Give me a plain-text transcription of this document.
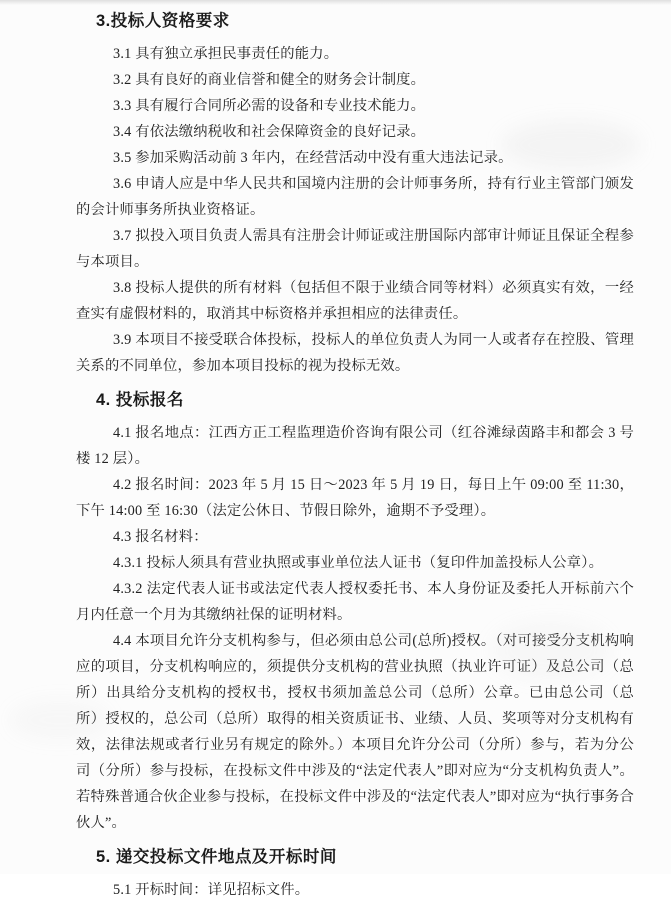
3.投标人资格要求

3.1 具有独立承担民事责任的能力。

3.2 具有良好的商业信誉和健全的财务会计制度。

3.3 具有履行合同所必需的设备和专业技术能力。

3.4 有依法缴纳税收和社会保障资金的良好记录。

3.5 参加采购活动前 3 年内，在经营活动中没有重大违法记录。

3.6 申请人应是中华人民共和国境内注册的会计师事务所，持有行业主管部门颁发的会计师事务所执业资格证。

3.7 拟投入项目负责人需具有注册会计师证或注册国际内部审计师证且保证全程参与本项目。

3.8 投标人提供的所有材料（包括但不限于业绩合同等材料）必须真实有效，一经查实有虚假材料的，取消其中标资格并承担相应的法律责任。

3.9 本项目不接受联合体投标，投标人的单位负责人为同一人或者存在控股、管理关系的不同单位，参加本项目投标的视为投标无效。

4. 投标报名

4.1 报名地点：江西方正工程监理造价咨询有限公司（红谷滩绿茵路丰和都会 3 号楼 12 层）。

4.2 报名时间：2023 年 5 月 15 日～2023 年 5 月 19 日，每日上午 09:00 至 11:30，下午 14:00 至 16:30（法定公休日、节假日除外，逾期不予受理）。

4.3 报名材料：

4.3.1 投标人须具有营业执照或事业单位法人证书（复印件加盖投标人公章）。

4.3.2 法定代表人证书或法定代表人授权委托书、本人身份证及委托人开标前六个月内任意一个月为其缴纳社保的证明材料。

4.4 本项目允许分支机构参与，但必须由总公司(总所)授权。（对可接受分支机构响应的项目，分支机构响应的，须提供分支机构的营业执照（执业许可证）及总公司（总所）出具给分支机构的授权书，授权书须加盖总公司（总所）公章。已由总公司（总所）授权的，总公司（总所）取得的相关资质证书、业绩、人员、奖项等对分支机构有效，法律法规或者行业另有规定的除外。）本项目允许分公司（分所）参与，若为分公司（分所）参与投标，在投标文件中涉及的“法定代表人”即对应为“分支机构负责人”。若特殊普通合伙企业参与投标，在投标文件中涉及的“法定代表人”即对应为“执行事务合伙人”。

5. 递交投标文件地点及开标时间

5.1 开标时间：详见招标文件。
